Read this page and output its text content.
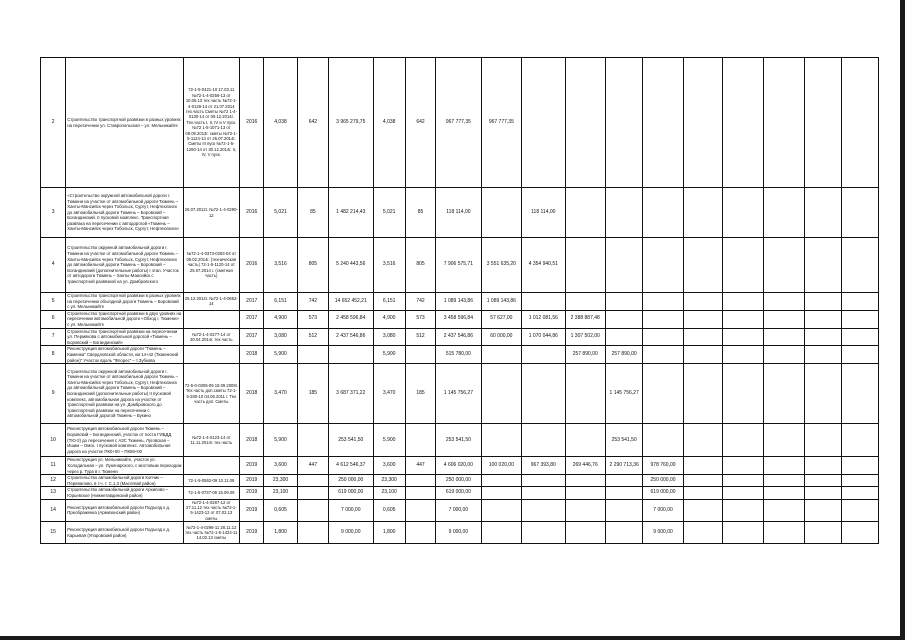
2	Строительство транспортной развязки в разных уровнях на пересечении ул. Ставропольская – ул. Мельникайте	72-1-5-0421-10 17.03.11 №72-1-4-0256-13 от 10.06.13 тех.часть №72-1-4-0129-14 от 21.07.2014 тех.часть Сметы №72 1-4-0130-14 от 09.12.2014г. Тех.часть I, II, IV и V пуск. №72 1-5-1071-13 от 08.09.2013г. сметы №72-1-5-1124-14 от 25.07.2014г. Сметы III пуск №72-1-5-1260-14 от 30.12.2014г. II, IV, V пуск.	2016	4,038	642	3 965 279,75	4,038	642	967 777,35	967 777,35									
3	«Строительство окружной автомобильной дороги г. Тюмени на участке от автомобильной дороги Тюмень – Ханты-Мансийск через Тобольск, Сургут, Нефтеюганск до автомобильной дороги Тюмень – Боровский – Богандинский. II пусковой комплекс. Транспортная развязка на пересечении с автодорогой «Тюмень – Ханты-Мансийск через Тобольск, Сургут, Нефтеюганск»	26.07.2012г. №72-1-4-0290-12	2016	5,021	85	1 482 214,43	5,021	85	118 114,00		118 114,00								
4	Строительство окружной автомобильной дороги г. Тюмени на участке от автомобильной дороги Тюмень – Ханты-Мансийск через Тобольск, Сургут, Нефтеюганск до автомобильной дороги Тюмень – Боровский – Богандинский (дополнительные работы) I этап. Участок от автодороги Тюмень – Ханты-Мансийск с транспортной развязкой на ул. Домбровского	№72-1-4-0373-0293-04 от 06.02.2014г. (техническая часть) 72-1-5-1120-14 от 25.07.2014 г. (сметная часть)	2016	3,516	805	5 240 443,56	3,516	805	7 906 575,71	3 551 635,20	4 354 940,51								
5	Строительство транспортной развязки в разных уровнях на пересечении объездной дороги Тюмень – Боровский с ул. Мельникайте	25.12.2014г. №72-1-4-0652-14	2017	6,151	742	14 652 452,21	6,151	742	1 089 143,86	1 089 143,86									
6	Строительство транспортной развязки в двух уровнях на пересечении автомобильной дороги «Обход г. Тюмени» с ул. Мельникайте		2017	4,900	573	2 458 596,84	4,900	573	3 458 596,84	57 627,00	1 012 081,56	2 388 887,48							
7	Строительство транспортной развязки на пересечении ул. Пермякова с автомобильной дорогой «Тюмень – Боровский – Богандинский»	№72-1-4-0277-14 от 30.04.2014г. тех.часть	2017	3,080	512	2 437 546,86	3,080	512	2 437 546,86	60 000,00	1 070 044,86	1 307 502,00							
8	Реконструкция автомобильной дороги "Тюмень – Каменка" Свердловской области, км 14+42 (Тюменский район)" Участок вдоль "Флорес" – т.Зубкова		2018	5,900			5,900		515 780,00			257 890,00	257 890,00						
9	Строительство окружной автомобильной дороги г. Тюмени на участке от автомобильной дороги Тюмень – Ханты-Мансийск через Тобольск, Сургут, Нефтеюганск до автомобильной дороги Тюмень – Боровский – Богандинский (дополнительные работы) II пусковой комплекс, автомобильная дорога на участке от транспортной развязки на ул. Домбровского до транспортной развязки на пересечении с автомобильной дорогой Тюмень – Букино	72-5-0-0305-09 18.09.2009г. Тех.часть доп.сметы 72-1-5-280-10 04.06.2011 г. Тех часть доп. Сметы	2018	3,470	185	3 687 371,22	3,470	185	1 145 756,27				1 145 756,27						
10	Реконструкция автомобильной дороги Тюмень – Боровский – Богандинский, участок от поста ГИБДД (ТЮ-2) до пересечения с АЗС Тюмень, Луговская – Ишим – Омск. I пусковой комплекс. Автомобильная дорога на участке ПК0+00 – ПК59+00	№72-1-4-0123-14 от 11.11.2014г. тех.часть	2018	5,900		253 541,50	5,900		253 541,50				253 541,50						
11	Реконструкция ул. Мельникайте, участок ул. Холодильная – ул. Луначарского, с мостовым переходом через р. Тура в г. Тюмени		2019	3,600	447	4 612 546,37	3,600	447	4 606 020,00	100 020,00	967 393,80	269 446,76	2 290 713,36	978 760,00					
12	Строительство автомобильной дороги Копчик – Перевалово, в т.ч. т. С.1,3 (Маслягай район)	72-1-5-0562-09 10.11.09	2019	23,300		250 000,00	23,300		250 000,00					250 000,00					
13	Строительство автомобильной дороги Архипово – Юрьевское (Нижнетавдинский район)	72-1-5-0737-09 15.09.09	2019	23,100		619 000,00	23,100		619 000,00					619 000,00					
14	Реконструкция автомобильной дороги Подъезд к д. Преображенка (Армизонский район)	№72-1-4-0287-12 от 27.11.12 тех.часть №72-1-5-1423-12 от 07.02.13 сметы	2019	0,605		7 000,00	0,605		7 000,00					7 000,00					
15	Реконструкция автомобильной дороги Подъезд к д. Карьевая (Упоровский район)	№72-1-4-0296-11 28.11.12 тех.часть №72-1-5-1424-11 14.02.13 сметы	2019	1,800		9 000,00	1,800		9 000,00					9 000,00					
